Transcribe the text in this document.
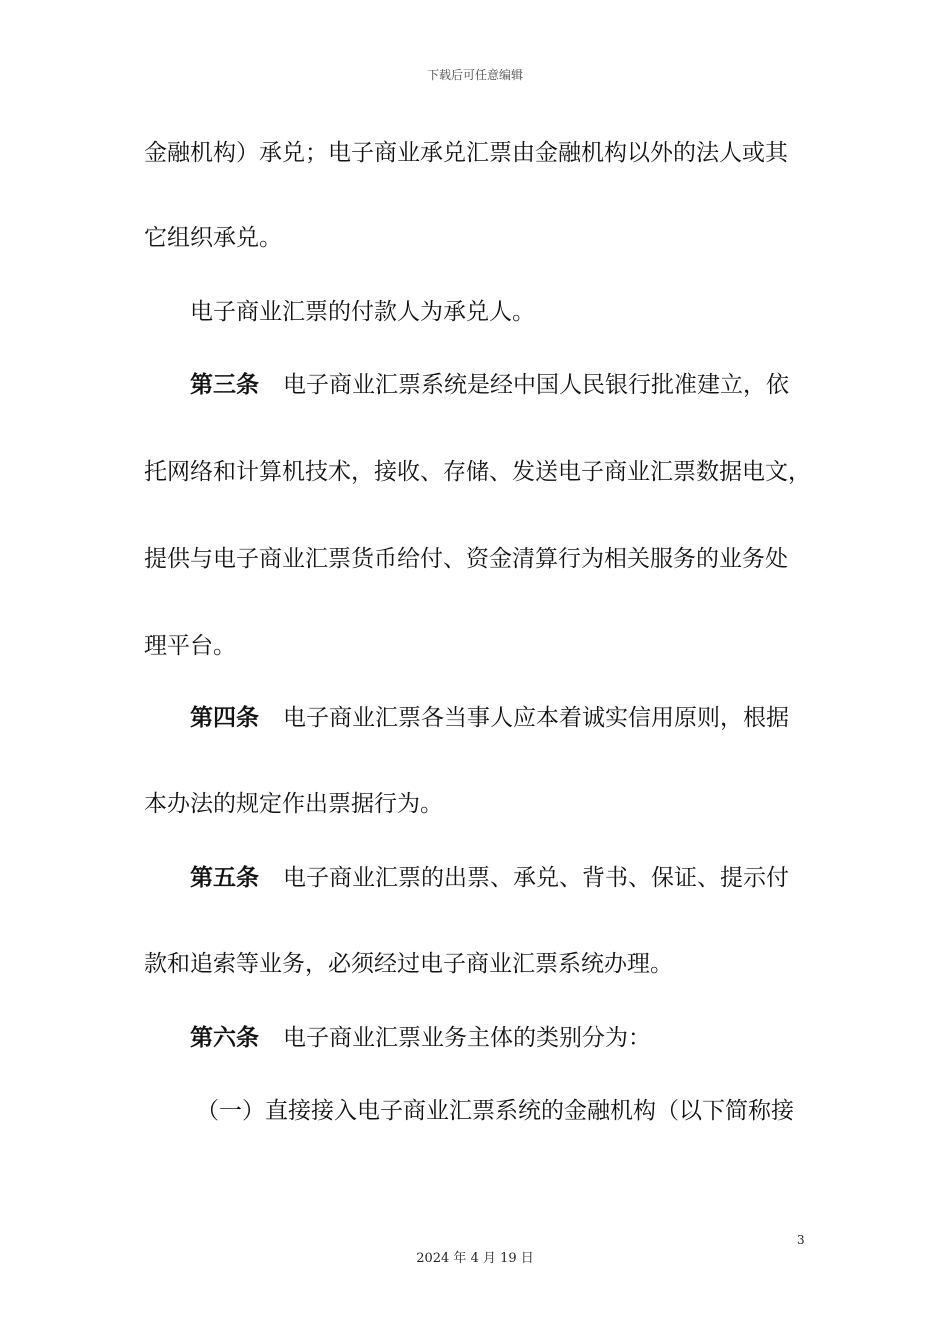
下载后可任意编辑
金融机构）承兑；电子商业承兑汇票由金融机构以外的法人或其
它组织承兑。
电子商业汇票的付款人为承兑人。
第三条 电子商业汇票系统是经中国人民银行批准建立，依
托网络和计算机技术，接收、存储、发送电子商业汇票数据电文，
提供与电子商业汇票货币给付、资金清算行为相关服务的业务处
理平台。
第四条 电子商业汇票各当事人应本着诚实信用原则，根据
本办法的规定作出票据行为。
第五条 电子商业汇票的出票、承兑、背书、保证、提示付
款和追索等业务，必须经过电子商业汇票系统办理。
第六条 电子商业汇票业务主体的类别分为：
（一）直接接入电子商业汇票系统的金融机构（以下简称接
3
2024 年 4 月 19 日
